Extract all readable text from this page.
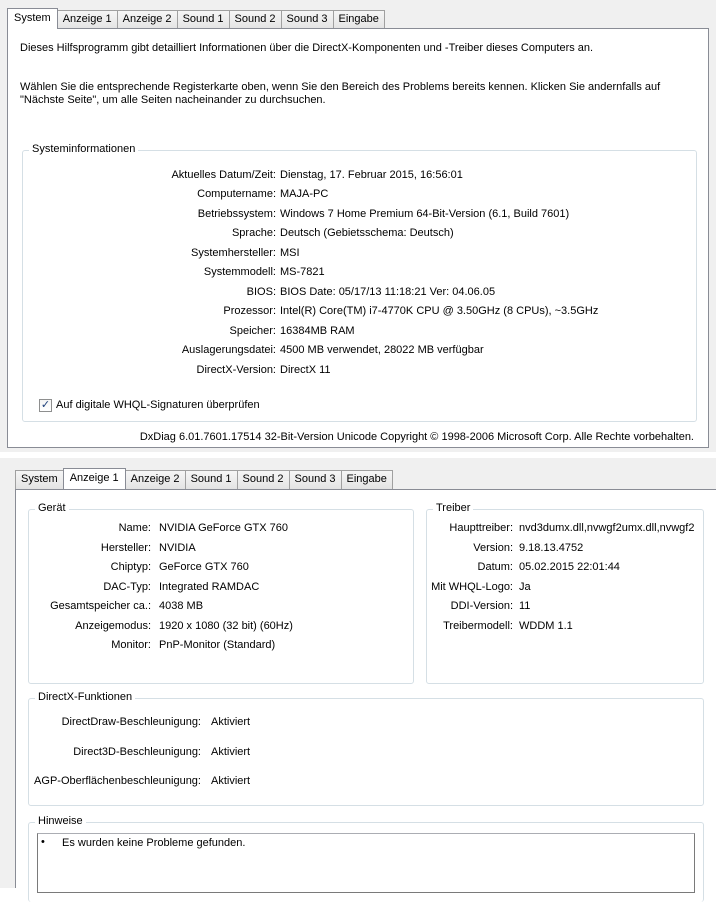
System	Anzeige 1	Anzeige 2	Sound 1	Sound 2	Sound 3	Eingabe
Dieses Hilfsprogramm gibt detailliert Informationen über die DirectX-Komponenten und -Treiber dieses Computers an.
Wählen Sie die entsprechende Registerkarte oben, wenn Sie den Bereich des Problems bereits kennen. Klicken Sie andernfalls auf "Nächste Seite", um alle Seiten nacheinander zu durchsuchen.
Systeminformationen
Aktuelles Datum/Zeit: Dienstag, 17. Februar 2015, 16:56:01
Computername: MAJA-PC
Betriebssystem: Windows 7 Home Premium 64-Bit-Version (6.1, Build 7601)
Sprache: Deutsch (Gebietsschema: Deutsch)
Systemhersteller: MSI
Systemmodell: MS-7821
BIOS: BIOS Date: 05/17/13 11:18:21 Ver: 04.06.05
Prozessor: Intel(R) Core(TM) i7-4770K CPU @ 3.50GHz (8 CPUs), ~3.5GHz
Speicher: 16384MB RAM
Auslagerungsdatei: 4500 MB verwendet, 28022 MB verfügbar
DirectX-Version: DirectX 11
✓ Auf digitale WHQL-Signaturen überprüfen
DxDiag 6.01.7601.17514 32-Bit-Version Unicode Copyright © 1998-2006 Microsoft Corp. Alle Rechte vorbehalten.
System	Anzeige 1	Anzeige 2	Sound 1	Sound 2	Sound 3	Eingabe
Gerät
Name: NVIDIA GeForce GTX 760
Hersteller: NVIDIA
Chiptyp: GeForce GTX 760
DAC-Typ: Integrated RAMDAC
Gesamtspeicher ca.: 4038 MB
Anzeigemodus: 1920 x 1080 (32 bit) (60Hz)
Monitor: PnP-Monitor (Standard)
Treiber
Haupttreiber: nvd3dumx.dll,nvwgf2umx.dll,nvwgf2
Version: 9.18.13.4752
Datum: 05.02.2015 22:01:44
Mit WHQL-Logo: Ja
DDI-Version: 11
Treibermodell: WDDM 1.1
DirectX-Funktionen
DirectDraw-Beschleunigung: Aktiviert
Direct3D-Beschleunigung: Aktiviert
AGP-Oberflächenbeschleunigung: Aktiviert
Hinweise
• Es wurden keine Probleme gefunden.
